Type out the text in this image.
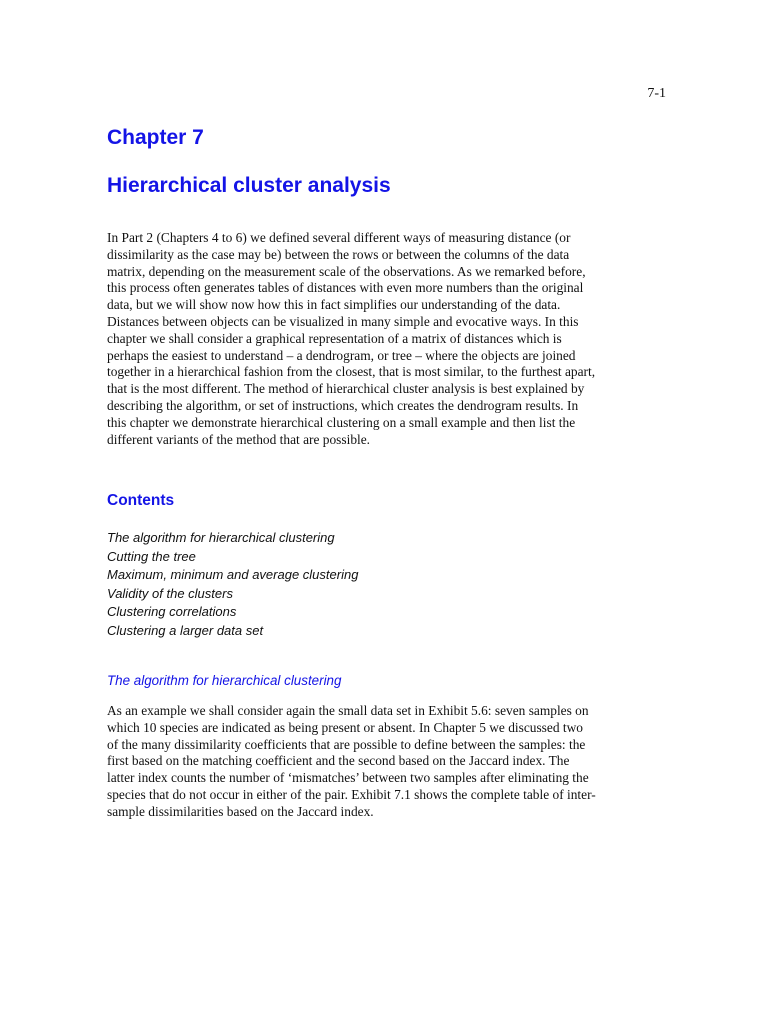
7-1
Chapter 7
Hierarchical cluster analysis

In Part 2 (Chapters 4 to 6) we defined several different ways of measuring distance (or
dissimilarity as the case may be) between the rows or between the columns of the data
matrix, depending on the measurement scale of the observations. As we remarked before,
this process often generates tables of distances with even more numbers than the original
data, but we will show now how this in fact simplifies our understanding of the data.
Distances between objects can be visualized in many simple and evocative ways. In this
chapter we shall consider a graphical representation of a matrix of distances which is
perhaps the easiest to understand – a dendrogram, or tree – where the objects are joined
together in a hierarchical fashion from the closest, that is most similar, to the furthest apart,
that is the most different. The method of hierarchical cluster analysis is best explained by
describing the algorithm, or set of instructions, which creates the dendrogram results. In
this chapter we demonstrate hierarchical clustering on a small example and then list the
different variants of the method that are possible.

Contents
The algorithm for hierarchical clustering
Cutting the tree
Maximum, minimum and average clustering
Validity of the clusters
Clustering correlations
Clustering a larger data set
The algorithm for hierarchical clustering

As an example we shall consider again the small data set in Exhibit 5.6: seven samples on
which 10 species are indicated as being present or absent. In Chapter 5 we discussed two
of the many dissimilarity coefficients that are possible to define between the samples: the
first based on the matching coefficient and the second based on the Jaccard index. The
latter index counts the number of ‘mismatches’ between two samples after eliminating the
species that do not occur in either of the pair. Exhibit 7.1 shows the complete table of inter-
sample dissimilarities based on the Jaccard index.
